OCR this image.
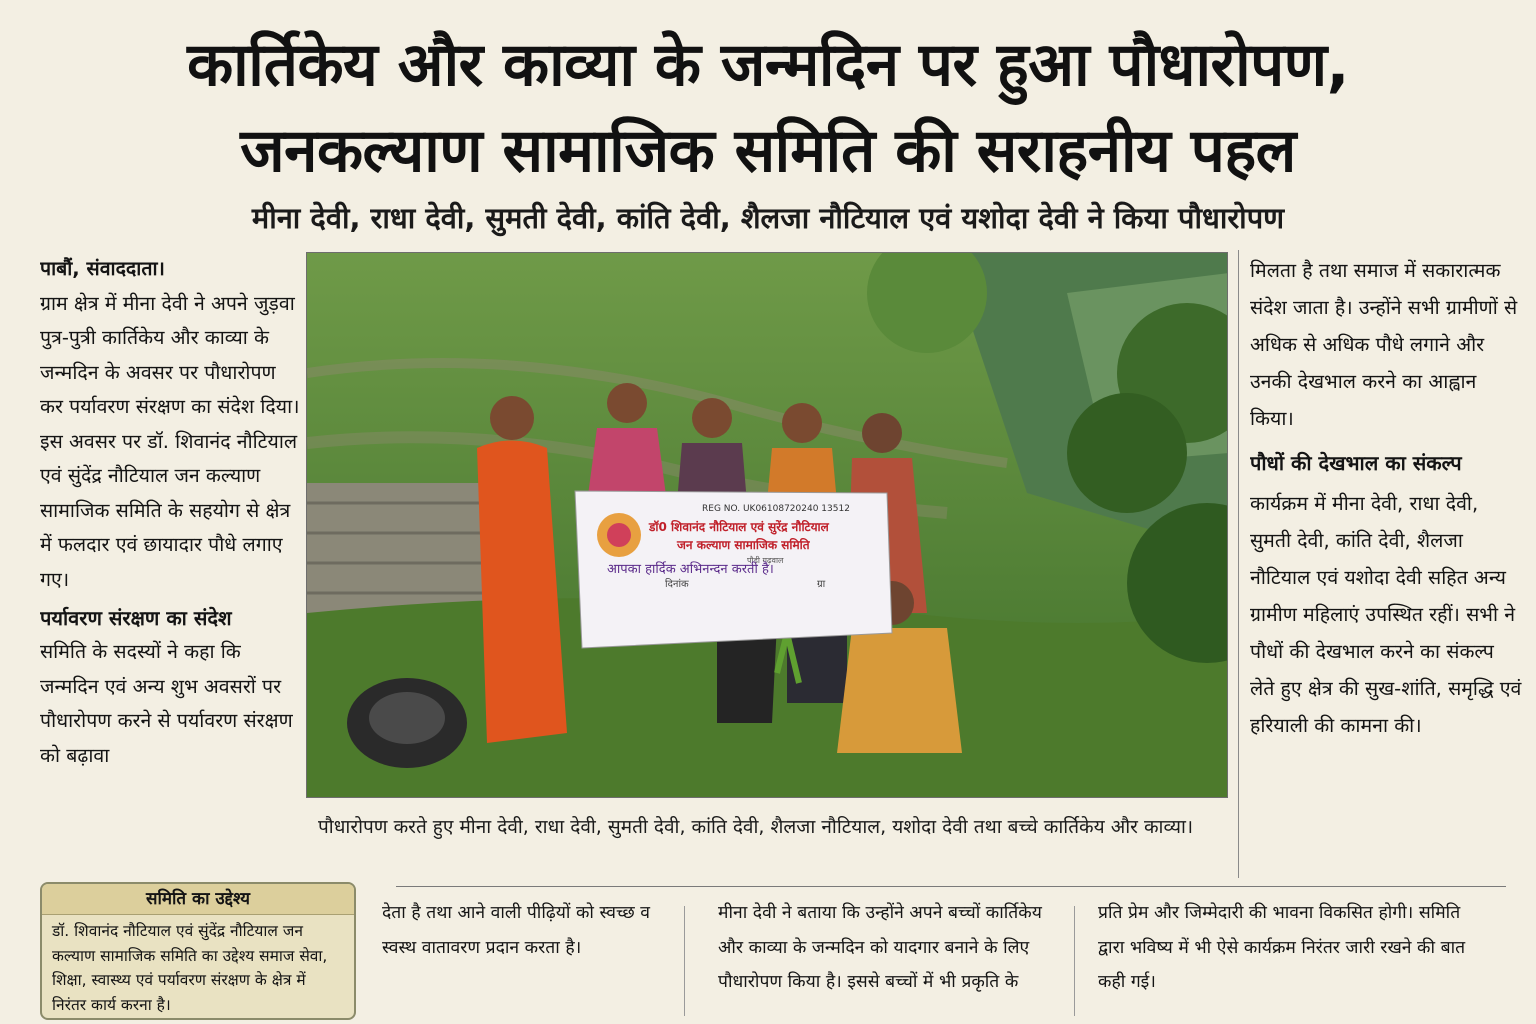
कार्तिकेय और काव्या के जन्मदिन पर हुआ पौधारोपण,
जनकल्याण सामाजिक समिति की सराहनीय पहल
मीना देवी, राधा देवी, सुमती देवी, कांति देवी, शैलजा नौटियाल एवं यशोदा देवी ने किया पौधारोपण

पाबौं, संवाददाता।

ग्राम क्षेत्र में मीना देवी ने अपने जुड़वा पुत्र-पुत्री कार्तिकेय और काव्या के जन्मदिन के अवसर पर पौधारोपण कर पर्यावरण संरक्षण का संदेश दिया। इस अवसर पर डॉ. शिवानंद नौटियाल एवं सुंदेंद्र नौटियाल जन कल्याण सामाजिक समिति के सहयोग से क्षेत्र में फलदार एवं छायादार पौधे लगाए गए।

पर्यावरण संरक्षण का संदेश

समिति के सदस्यों ने कहा कि जन्मदिन एवं अन्य शुभ अवसरों पर पौधारोपण करने से पर्यावरण संरक्षण को बढ़ावा

REG NO. UK06108720240 13512
डॉ0 शिवानंद नौटियाल एवं सुरेंद्र नौटियाल
जन कल्याण सामाजिक समिति
पौड़ी गढ़वाल
आपका हार्दिक अभिनन्दन करती है।
दिनांक	ग्रा

मिलता है तथा समाज में सकारात्मक संदेश जाता है। उन्होंने सभी ग्रामीणों से अधिक से अधिक पौधे लगाने और उनकी देखभाल करने का आह्वान किया।

पौधों की देखभाल का संकल्प

कार्यक्रम में मीना देवी, राधा देवी, सुमती देवी, कांति देवी, शैलजा नौटियाल एवं यशोदा देवी सहित अन्य ग्रामीण महिलाएं उपस्थित रहीं। सभी ने पौधों की देखभाल करने का संकल्प लेते हुए क्षेत्र की सुख-शांति, समृद्धि एवं हरियाली की कामना की।

पौधारोपण करते हुए मीना देवी, राधा देवी, सुमती देवी, कांति देवी, शैलजा नौटियाल, यशोदा देवी तथा बच्चे कार्तिकेय और काव्या।
समिति का उद्देश्य
डॉ. शिवानंद नौटियाल एवं सुंदेंद्र नौटियाल जन कल्याण सामाजिक समिति का उद्देश्य समाज सेवा, शिक्षा, स्वास्थ्य एवं पर्यावरण संरक्षण के क्षेत्र में निरंतर कार्य करना है।
देता है तथा आने वाली पीढ़ियों को स्वच्छ व स्वस्थ वातावरण प्रदान करता है।
मीना देवी ने बताया कि उन्होंने अपने बच्चों कार्तिकेय और काव्या के जन्मदिन को यादगार बनाने के लिए पौधारोपण किया है। इससे बच्चों में भी प्रकृति के
प्रति प्रेम और जिम्मेदारी की भावना विकसित होगी। समिति द्वारा भविष्य में भी ऐसे कार्यक्रम निरंतर जारी रखने की बात कही गई।
